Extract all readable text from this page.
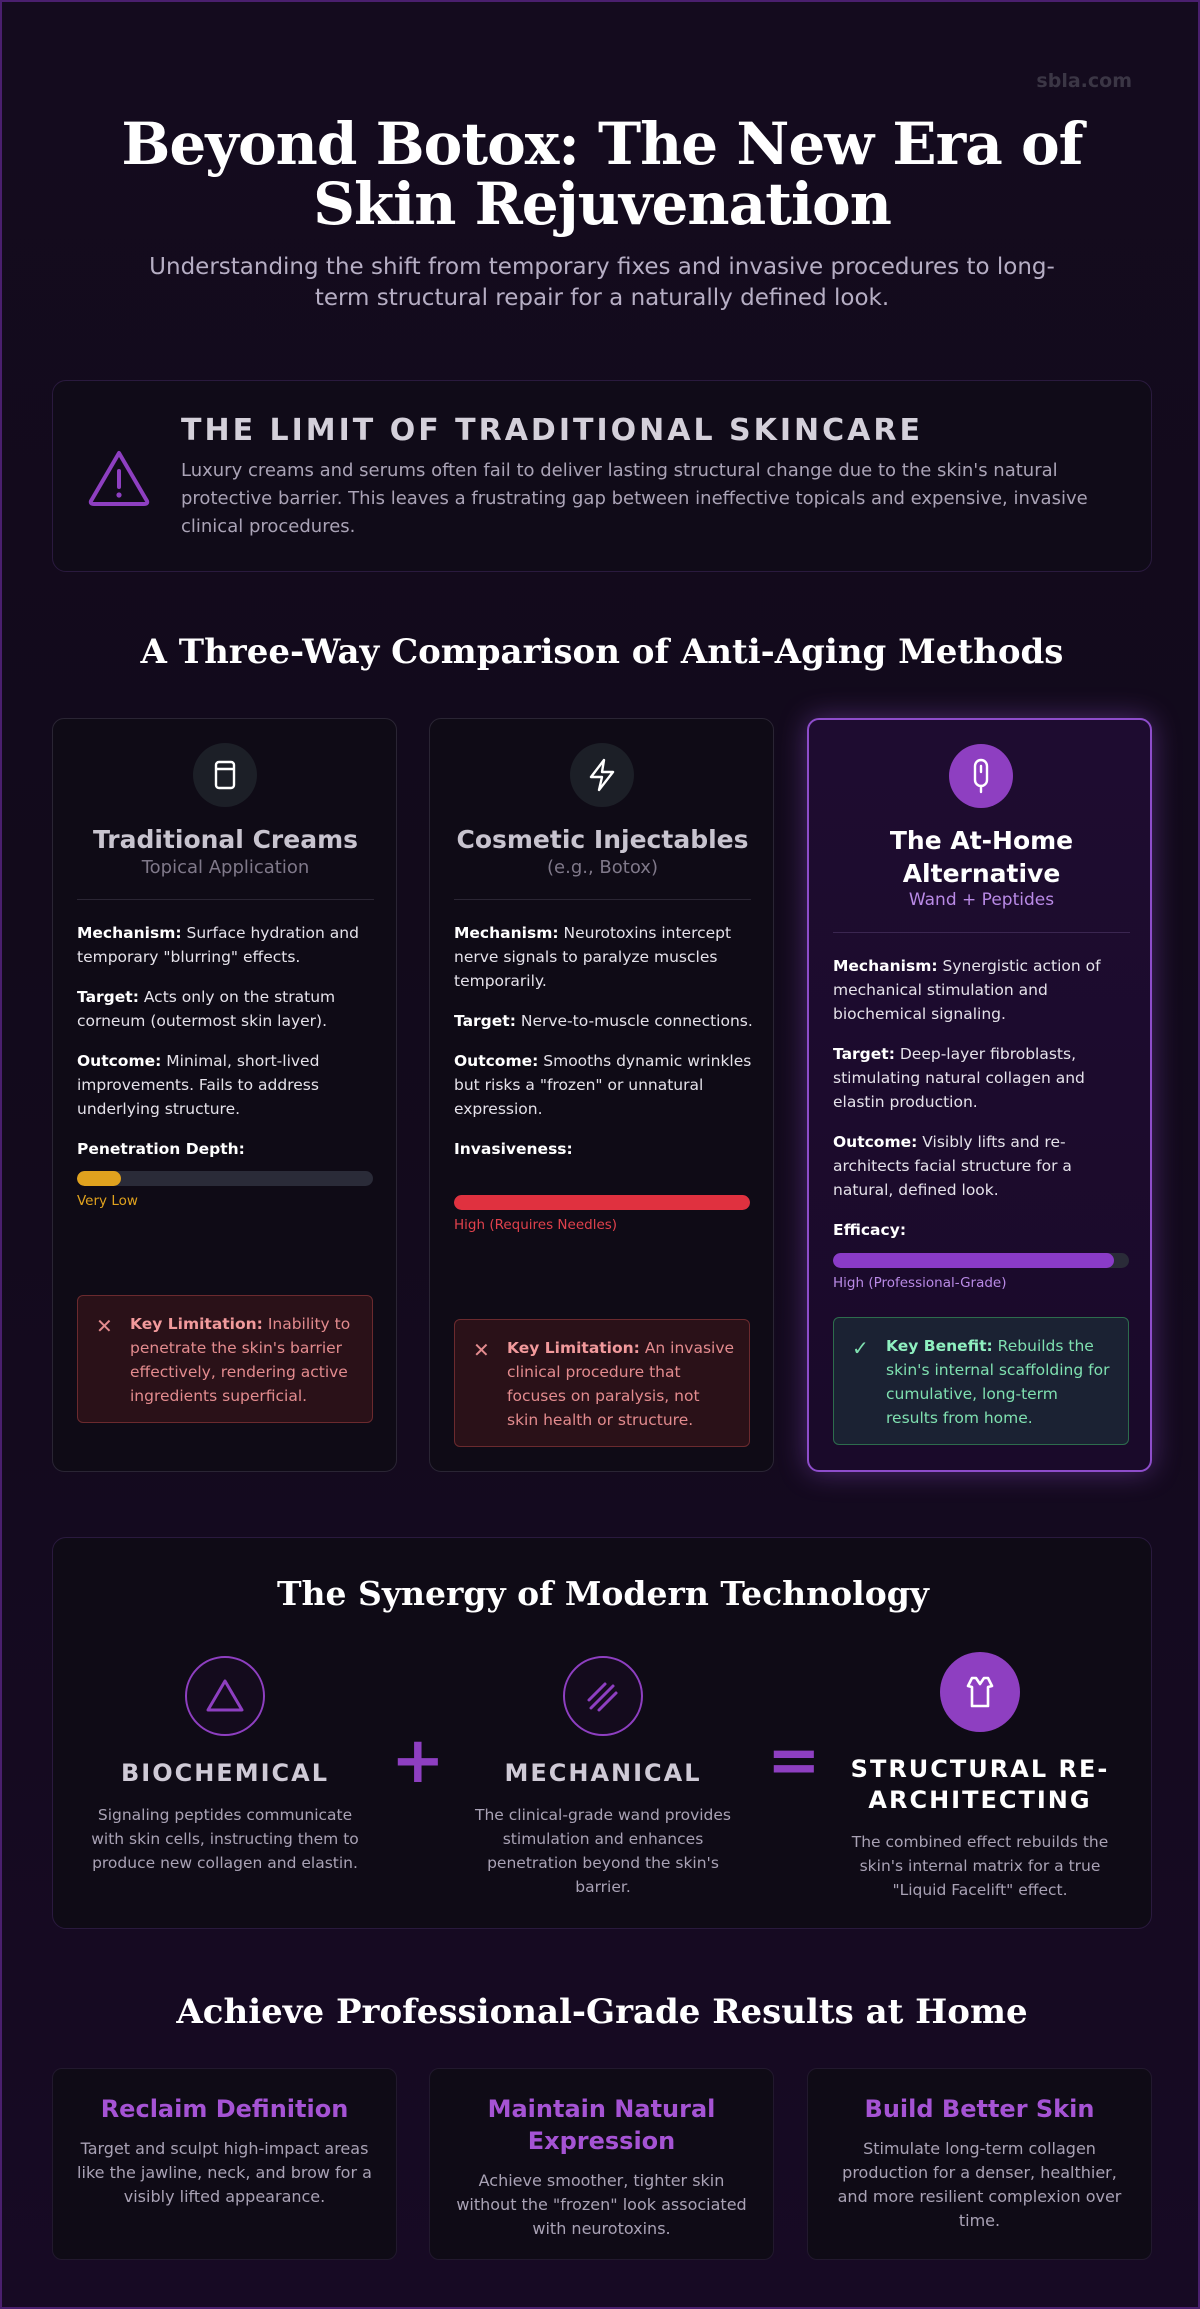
sbla.com
Beyond Botox: The New Era of Skin Rejuvenation

Understanding the shift from temporary fixes and invasive procedures to long-term structural repair for a naturally defined look.

THE LIMIT OF TRADITIONAL SKINCARE
Luxury creams and serums often fail to deliver lasting structural change due to the skin's natural protective barrier. This leaves a frustrating gap between ineffective topicals and expensive, invasive clinical procedures.
A Three-Way Comparison of Anti-Aging Methods
Traditional Creams
Topical Application

Mechanism: Surface hydration and temporary "blurring" effects.

Target: Acts only on the stratum corneum (outermost skin layer).

Outcome: Minimal, short-lived improvements. Fails to address underlying structure.

Penetration Depth:
Very Low
✕ Key Limitation: Inability to penetrate the skin's barrier effectively, rendering active ingredients superficial.
Cosmetic Injectables
(e.g., Botox)

Mechanism: Neurotoxins intercept nerve signals to paralyze muscles temporarily.

Target: Nerve-to-muscle connections.

Outcome: Smooths dynamic wrinkles but risks a "frozen" or unnatural expression.

Invasiveness:
High (Requires Needles)
✕ Key Limitation: An invasive clinical procedure that focuses on paralysis, not skin health or structure.
The At-Home Alternative
Wand + Peptides

Mechanism: Synergistic action of mechanical stimulation and biochemical signaling.

Target: Deep-layer fibroblasts, stimulating natural collagen and elastin production.

Outcome: Visibly lifts and re-architects facial structure for a natural, defined look.

Efficacy:
High (Professional-Grade)
✓ Key Benefit: Rebuilds the skin's internal scaffolding for cumulative, long-term results from home.
The Synergy of Modern Technology
BIOCHEMICAL
Signaling peptides communicate with skin cells, instructing them to produce new collagen and elastin.
+	MECHANICAL
The clinical-grade wand provides stimulation and enhances penetration beyond the skin's barrier.
= STRUCTURAL RE-ARCHITECTING
The combined effect rebuilds the skin's internal matrix for a true "Liquid Facelift" effect.
Achieve Professional-Grade Results at Home
Reclaim Definition
Target and sculpt high-impact areas like the jawline, neck, and brow for a visibly lifted appearance.
Maintain Natural Expression
Achieve smoother, tighter skin without the "frozen" look associated with neurotoxins.
Build Better Skin
Stimulate long-term collagen production for a denser, healthier, and more resilient complexion over time.
